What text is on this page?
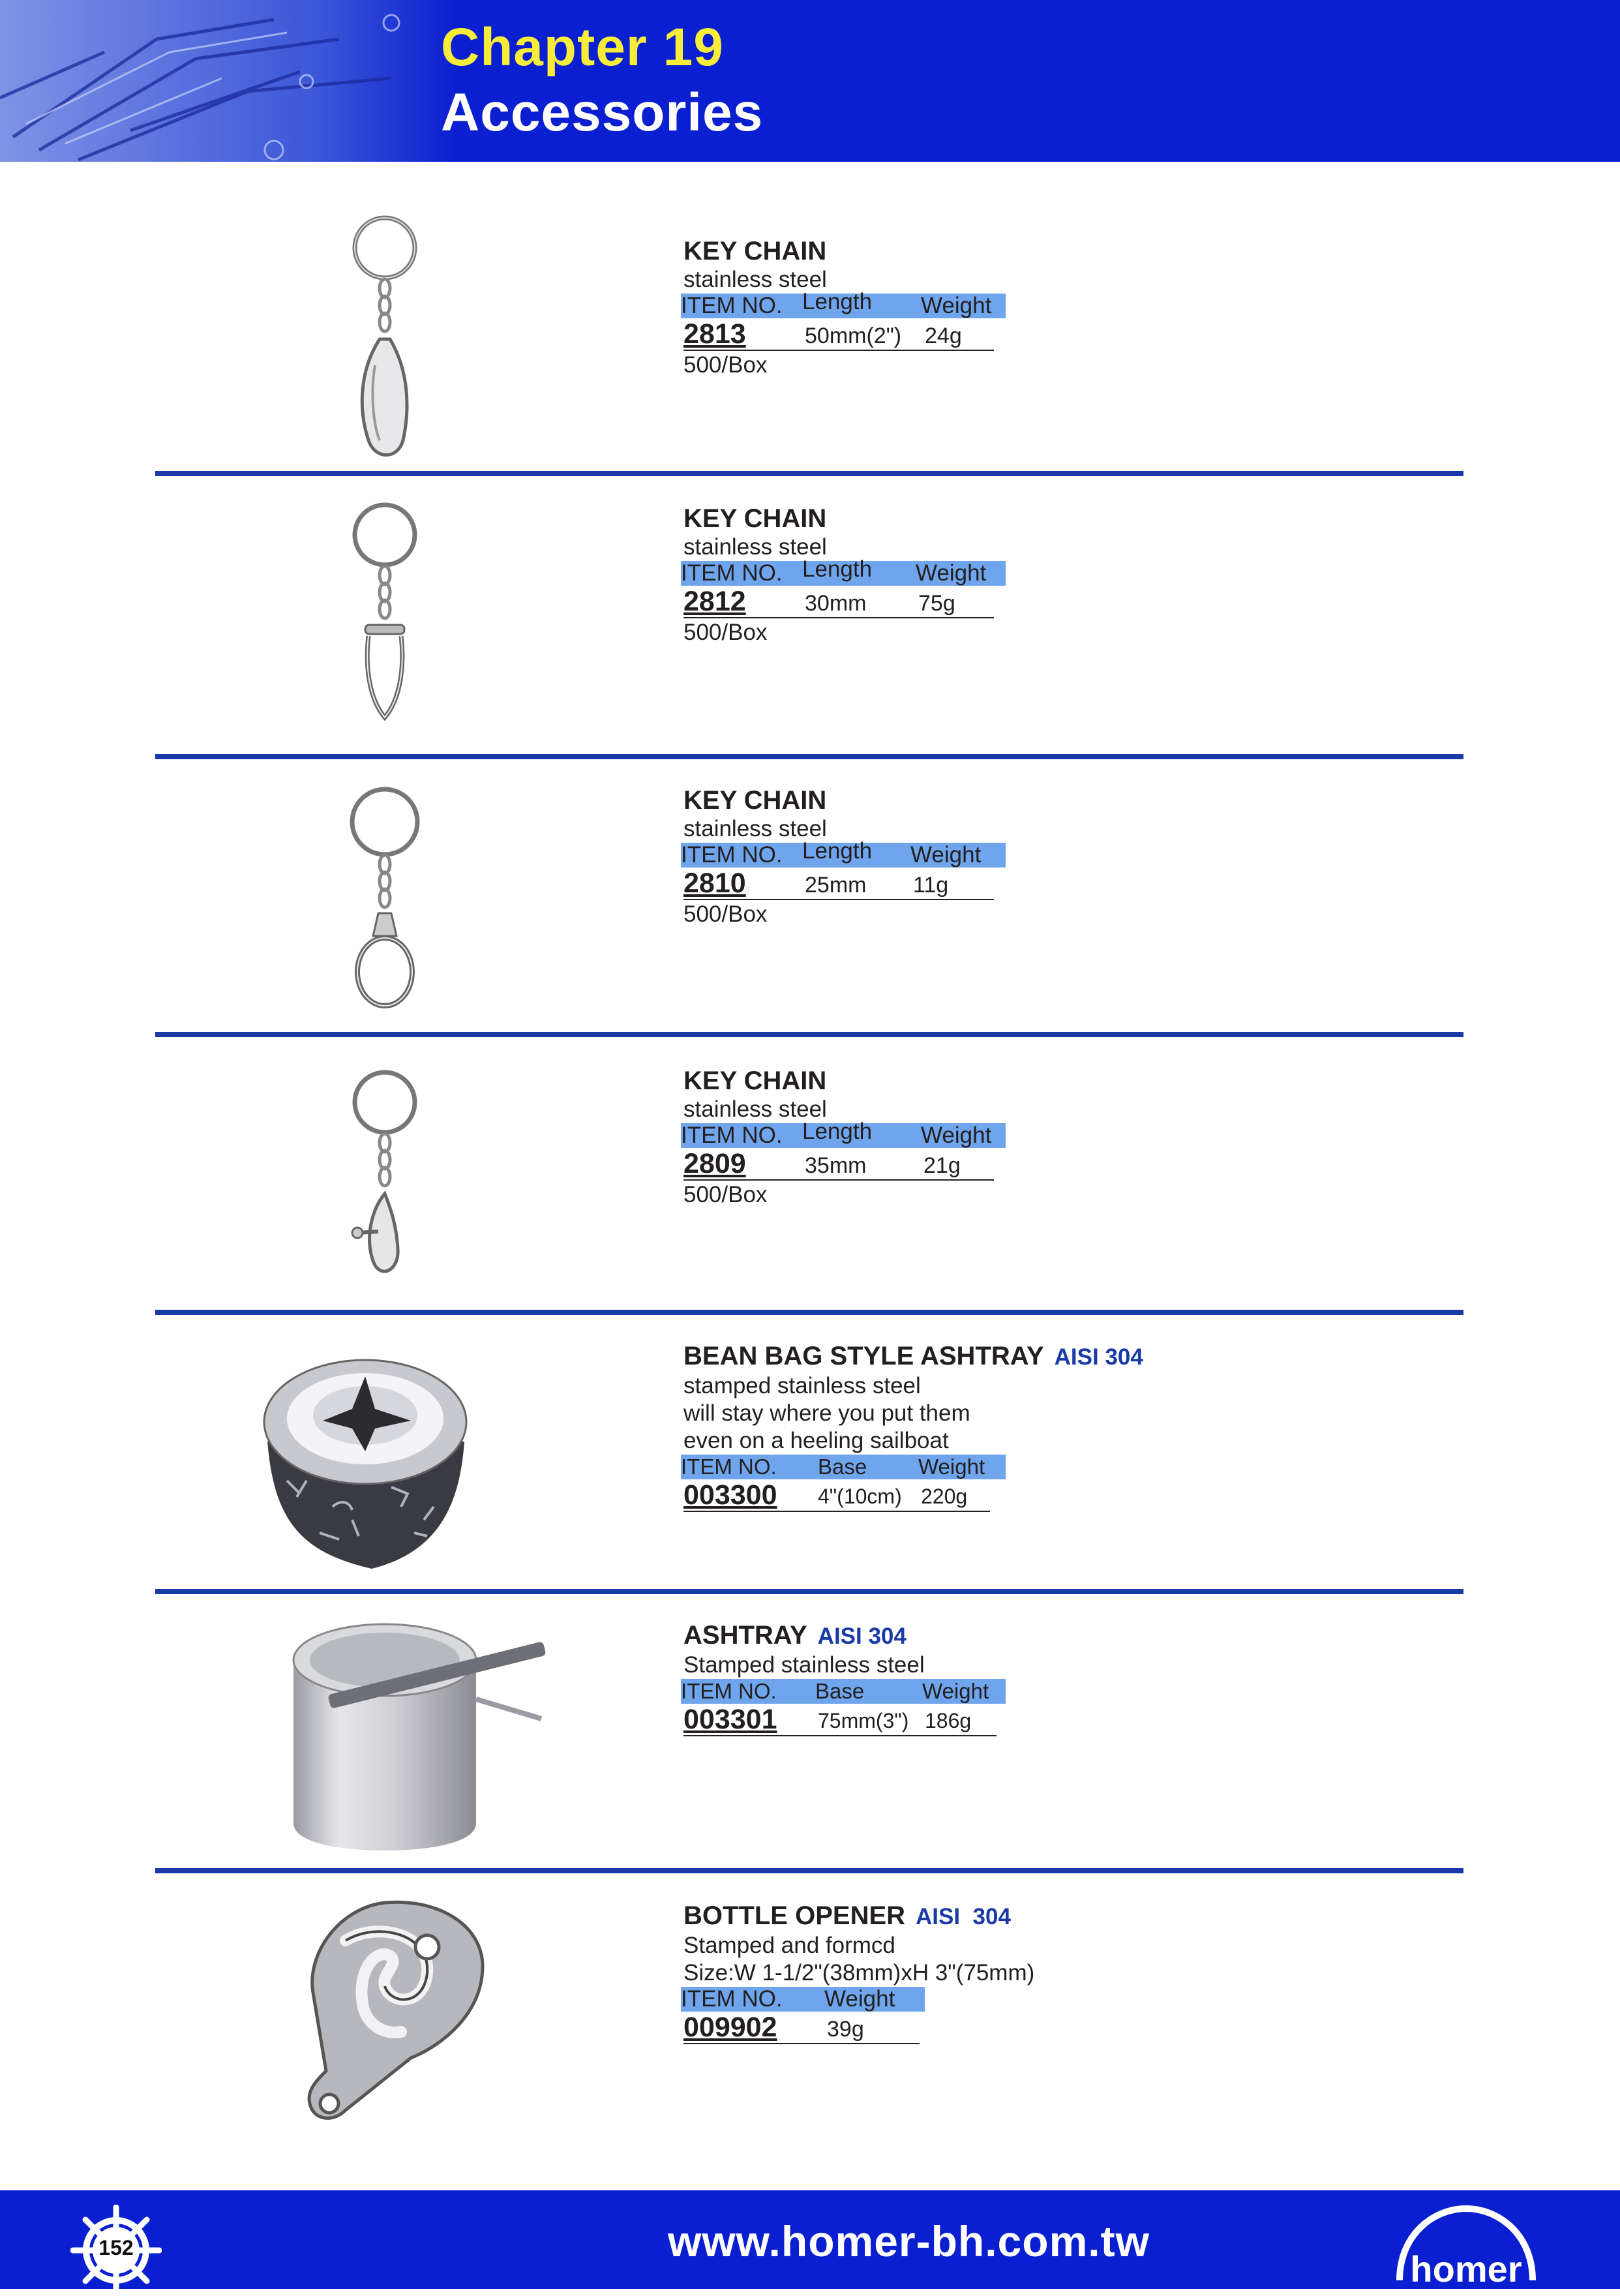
Chapter 19
Accessories
KEY CHAIN
stainless steel
ITEM NO. Length Weight
2813	50mm(2") 24g
500/Box
KEY CHAIN
stainless steel
ITEM NO. Length Weight
2812	30mm 75g
500/Box
KEY CHAIN
stainless steel
ITEM NO. Length Weight
2810	25mm 11g
500/Box
KEY CHAIN
stainless steel
ITEM NO. Length Weight
2809	35mm	21g
500/Box
BEAN BAG STYLE ASHTRAY AISI 304
stamped stainless steel
will stay where you put them
even on a heeling sailboat
ITEM NO. Base Weight
003300 4"(10cm) 220g
ASHTRAY AISI 304
Stamped stainless steel
ITEM NO. Base	Weight
003301 75mm(3") 186g
BOTTLE OPENER AISI  304
Stamped and formcd
Size:W 1-1/2"(38mm)xH 3"(75mm)
ITEM NO. Weight
009902 39g
152	www.homer-bh.com.tw
homer
